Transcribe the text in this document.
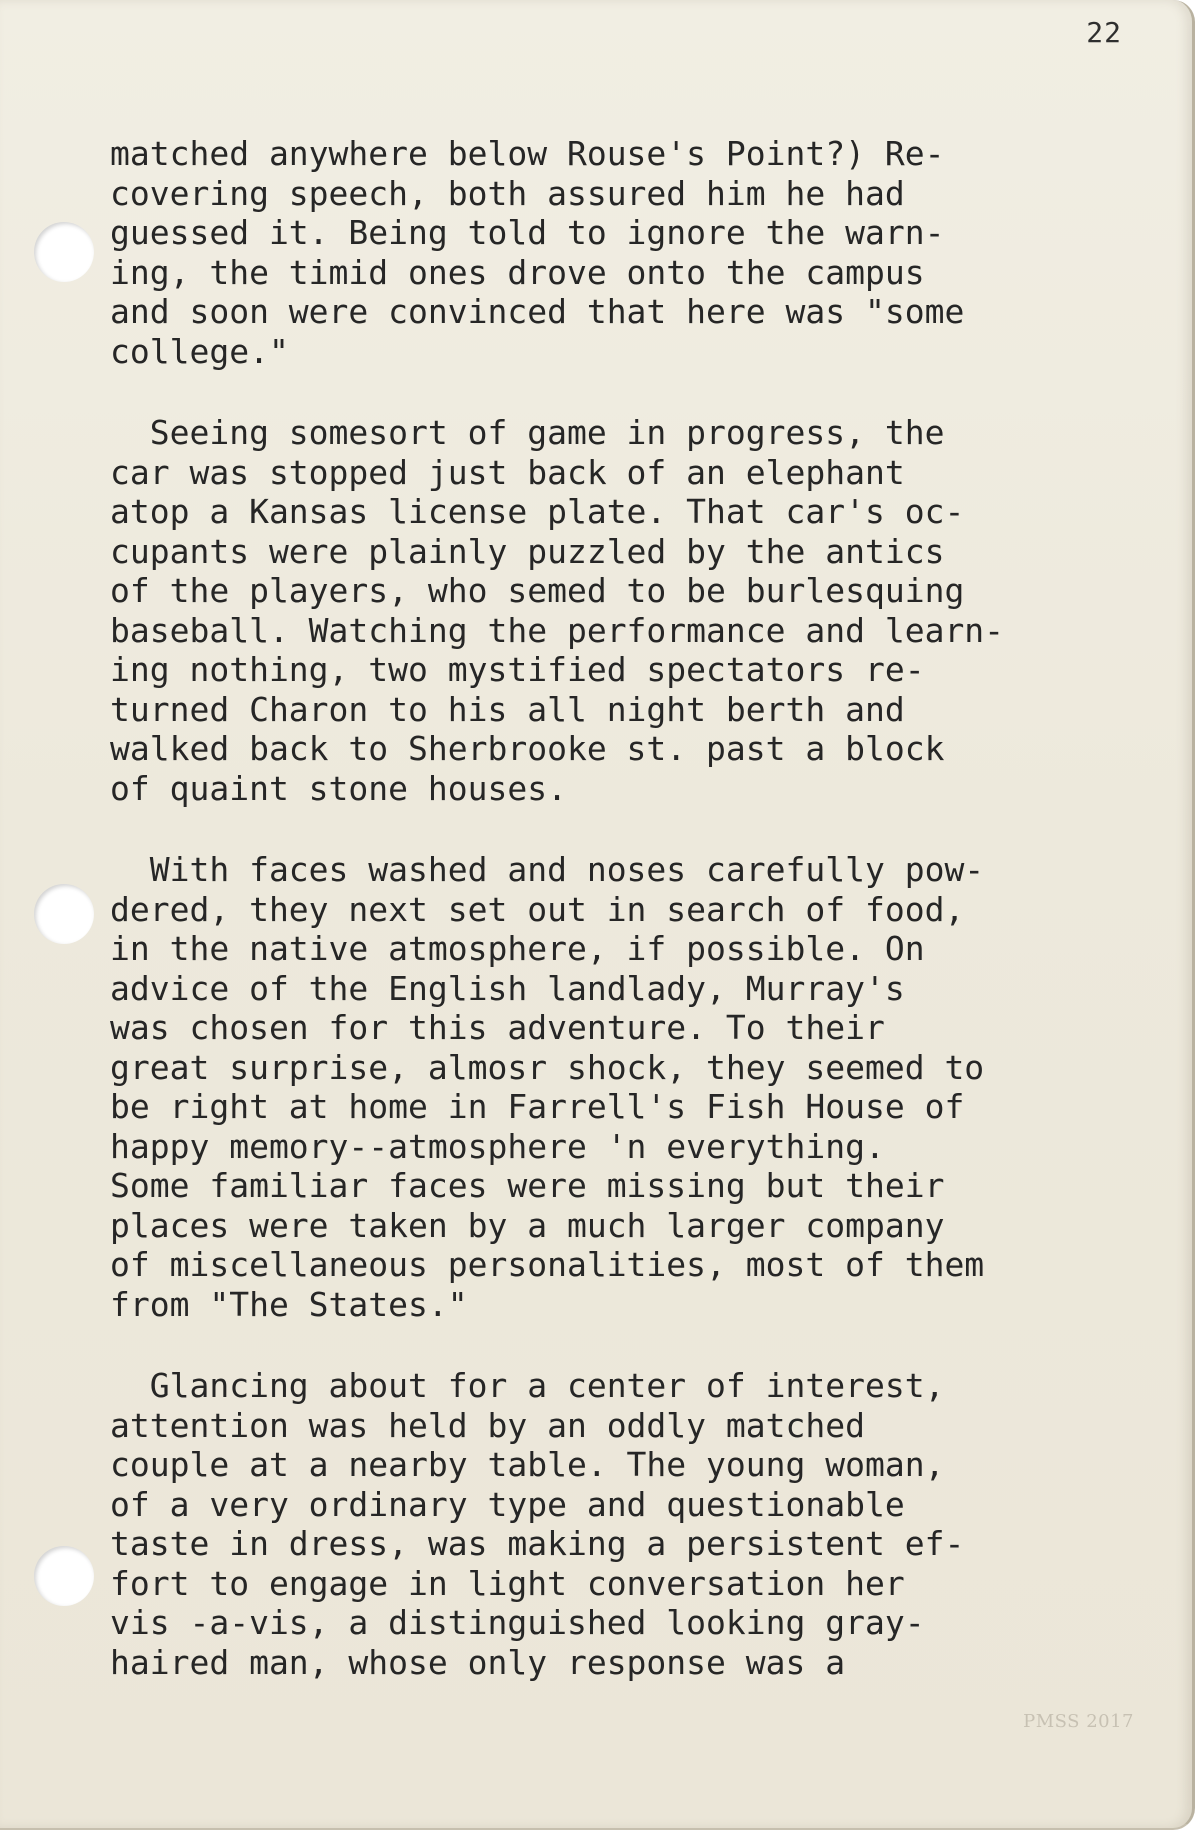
22
matched anywhere below Rouse's Point?) Re-
covering speech, both assured him he had
guessed it. Being told to ignore the warn-
ing, the timid ones drove onto the campus
and soon were convinced that here was "some
college."
Seeing somesort of game in progress, the
car was stopped just back of an elephant
atop a Kansas license plate. That car's oc-
cupants were plainly puzzled by the antics
of the players, who semed to be burlesquing
baseball. Watching the performance and learn-
ing nothing, two mystified spectators re-
turned Charon to his all night berth and
walked back to Sherbrooke st. past a block
of quaint stone houses.
With faces washed and noses carefully pow-
dered, they next set out in search of food,
in the native atmosphere, if possible. On
advice of the English landlady, Murray's
was chosen for this adventure. To their
great surprise, almosr shock, they seemed to
be right at home in Farrell's Fish House of
happy memory--atmosphere 'n everything.
Some familiar faces were missing but their
places were taken by a much larger company
of miscellaneous personalities, most of them
from "The States."
Glancing about for a center of interest,
attention was held by an oddly matched
couple at a nearby table. The young woman,
of a very ordinary type and questionable
taste in dress, was making a persistent ef-
fort to engage in light conversation her
vis -a-vis, a distinguished looking gray-
haired man, whose only response was a
PMSS 2017
